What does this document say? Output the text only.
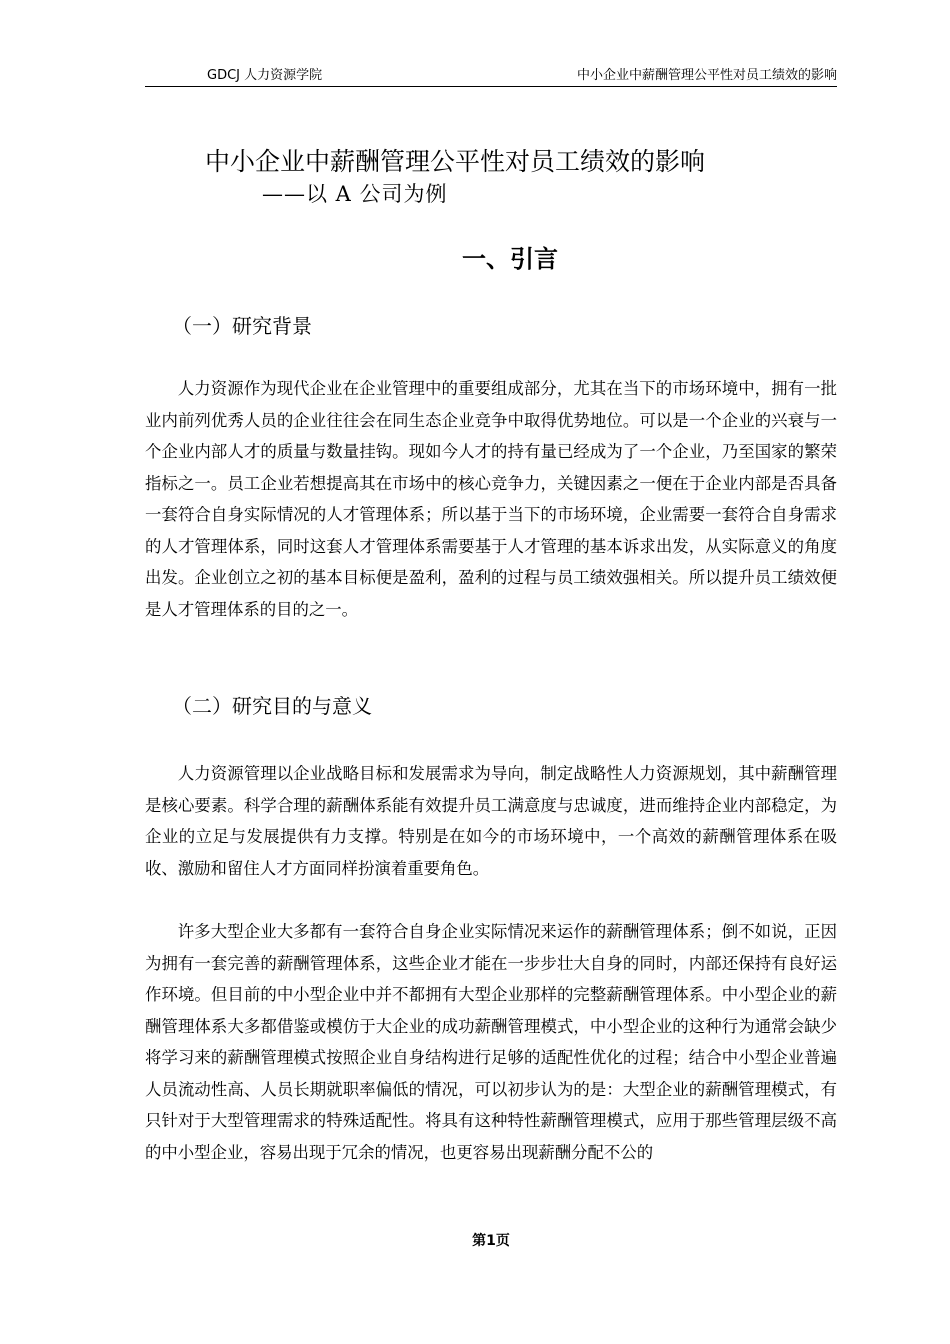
GDCJ 人力资源学院	中小企业中薪酬管理公平性对员工绩效的影响
中小企业中薪酬管理公平性对员工绩效的影响
——以 A 公司为例
一、引言
（一）研究背景
人力资源作为现代企业在企业管理中的重要组成部分，尤其在当下的市场环境中，拥有一批业内前列优秀人员的企业往往会在同生态企业竞争中取得优势地位。可以是一个企业的兴衰与一个企业内部人才的质量与数量挂钩。现如今人才的持有量已经成为了一个企业，乃至国家的繁荣指标之一。员工企业若想提高其在市场中的核心竞争力，关键因素之一便在于企业内部是否具备一套符合自身实际情况的人才管理体系；所以基于当下的市场环境，企业需要一套符合自身需求的人才管理体系，同时这套人才管理体系需要基于人才管理的基本诉求出发，从实际意义的角度出发。企业创立之初的基本目标便是盈利，盈利的过程与员工绩效强相关。所以提升员工绩效便是人才管理体系的目的之一。
（二）研究目的与意义
人力资源管理以企业战略目标和发展需求为导向，制定战略性人力资源规划，其中薪酬管理是核心要素。科学合理的薪酬体系能有效提升员工满意度与忠诚度，进而维持企业内部稳定，为企业的立足与发展提供有力支撑。特别是在如今的市场环境中，一个高效的薪酬管理体系在吸收、激励和留住人才方面同样扮演着重要角色。
许多大型企业大多都有一套符合自身企业实际情况来运作的薪酬管理体系；倒不如说，正因为拥有一套完善的薪酬管理体系，这些企业才能在一步步壮大自身的同时，内部还保持有良好运作环境。但目前的中小型企业中并不都拥有大型企业那样的完整薪酬管理体系。中小型企业的薪酬管理体系大多都借鉴或模仿于大企业的成功薪酬管理模式，中小型企业的这种行为通常会缺少将学习来的薪酬管理模式按照企业自身结构进行足够的适配性优化的过程；结合中小型企业普遍人员流动性高、人员长期就职率偏低的情况，可以初步认为的是：大型企业的薪酬管理模式，有只针对于大型管理需求的特殊适配性。将具有这种特性薪酬管理模式，应用于那些管理层级不高的中小型企业，容易出现于冗余的情况，也更容易出现薪酬分配不公的
第1页
